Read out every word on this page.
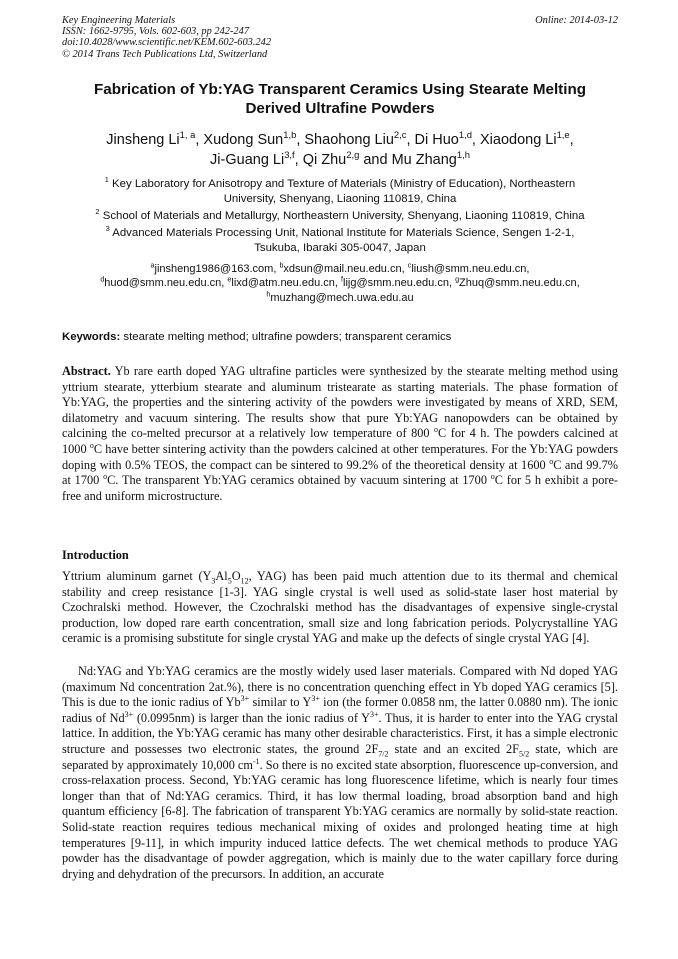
Key Engineering Materials
ISSN: 1662-9795, Vols. 602-603, pp 242-247
doi:10.4028/www.scientific.net/KEM.602-603.242
© 2014 Trans Tech Publications Ltd, Switzerland
Online: 2014-03-12
Fabrication of Yb:YAG Transparent Ceramics Using Stearate Melting
Derived Ultrafine Powders
Jinsheng Li$^{1, a}$, Xudong Sun$^{1,b}$, Shaohong Liu$^{2,c}$, Di Huo$^{1,d}$, Xiaodong Li$^{1,e}$,
Ji-Guang Li$^{3,f}$, Qi Zhu$^{2,g}$ and Mu Zhang$^{1,h}$
$^1$ Key Laboratory for Anisotropy and Texture of Materials (Ministry of Education), Northeastern
University, Shenyang, Liaoning 110819, China
$^2$ School of Materials and Metallurgy, Northeastern University, Shenyang, Liaoning 110819, China
$^3$ Advanced Materials Processing Unit, National Institute for Materials Science, Sengen 1-2-1,
Tsukuba, Ibaraki 305-0047, Japan
$^a$jinsheng1986@163.com, $^b$xdsun@mail.neu.edu.cn, $^c$liush@smm.neu.edu.cn,
$^d$huod@smm.neu.edu.cn, $^e$lixd@atm.neu.edu.cn, $^f$lijg@smm.neu.edu.cn, $^g$Zhuq@smm.neu.edu.cn,
$^h$muzhang@mech.uwa.edu.au
Keywords: stearate melting method; ultrafine powders; transparent ceramics
Abstract. Yb rare earth doped YAG ultrafine particles were synthesized by the stearate melting method using yttrium stearate, ytterbium stearate and aluminum tristearate as starting materials. The phase formation of Yb:YAG, the properties and the sintering activity of the powders were investigated by means of XRD, SEM, dilatometry and vacuum sintering. The results show that pure Yb:YAG nanopowders can be obtained by calcining the co-melted precursor at a relatively low temperature of 800 $^o$C for 4 h. The powders calcined at 1000 $^o$C have better sintering activity than the powders calcined at other temperatures. For the Yb:YAG powders doping with 0.5% TEOS, the compact can be sintered to 99.2% of the theoretical density at 1600 $^o$C and 99.7% at 1700 $^o$C. The transparent Yb:YAG ceramics obtained by vacuum sintering at 1700 $^o$C for 5 h exhibit a pore-free and uniform microstructure.
Introduction
Yttrium aluminum garnet ($Y_3Al_5O_{12}$, YAG) has been paid much attention due to its thermal and chemical stability and creep resistance [1-3]. YAG single crystal is well used as solid-state laser host material by Czochralski method. However, the Czochralski method has the disadvantages of expensive single-crystal production, low doped rare earth concentration, small size and long fabrication periods. Polycrystalline YAG ceramic is a promising substitute for single crystal YAG and make up the defects of single crystal YAG [4].
Nd:YAG and Yb:YAG ceramics are the mostly widely used laser materials. Compared with Nd doped YAG (maximum Nd concentration 2at.%), there is no concentration quenching effect in Yb doped YAG ceramics [5]. This is due to the ionic radius of $Yb^{3+}$ similar to $Y^{3+}$ ion (the former 0.0858 nm, the latter 0.0880 nm). The ionic radius of $Nd^{3+}$ (0.0995nm) is larger than the ionic radius of $Y^{3+}$. Thus, it is harder to enter into the YAG crystal lattice. In addition, the Yb:YAG ceramic has many other desirable characteristics. First, it has a simple electronic structure and possesses two electronic states, the ground $2F_{7/2}$ state and an excited $2F_{5/2}$ state, which are separated by approximately 10,000 $cm^{-1}$. So there is no excited state absorption, fluorescence up-conversion, and cross-relaxation process. Second, Yb:YAG ceramic has long fluorescence lifetime, which is nearly four times longer than that of Nd:YAG ceramics. Third, it has low thermal loading, broad absorption band and high quantum efficiency [6-8]. The fabrication of transparent Yb:YAG ceramics are normally by solid-state reaction. Solid-state reaction requires tedious mechanical mixing of oxides and prolonged heating time at high temperatures [9-11], in which impurity induced lattice defects. The wet chemical methods to produce YAG powder has the disadvantage of powder aggregation, which is mainly due to the water capillary force during drying and dehydration of the precursors. In addition, an accurate
